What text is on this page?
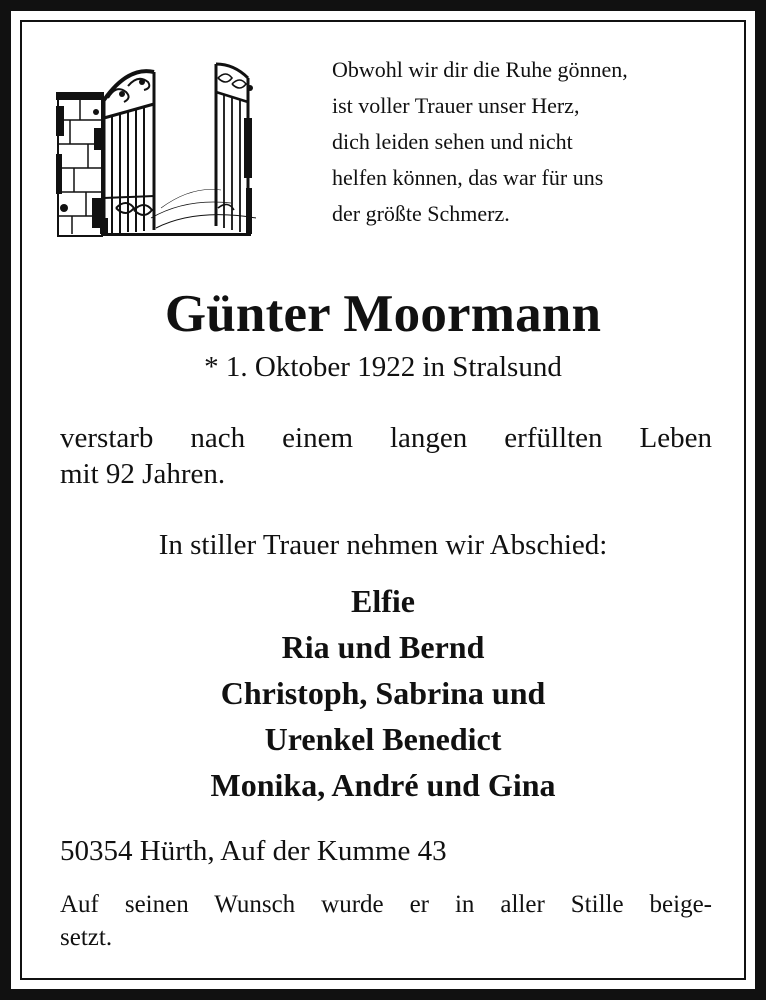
Obwohl wir dir die Ruhe gönnen,
ist voller Trauer unser Herz,
dich leiden sehen und nicht
helfen können, das war für uns
der größte Schmerz.
Günter Moormann
* 1. Oktober 1922 in Stralsund
verstarb nach einem langen erfüllten Leben
mit 92 Jahren.
In stiller Trauer nehmen wir Abschied:
Elfie
Ria und Bernd
Christoph, Sabrina und
Urenkel Benedict
Monika, André und Gina
50354 Hürth, Auf der Kumme 43
Auf seinen Wunsch wurde er in aller Stille beige-
setzt.
